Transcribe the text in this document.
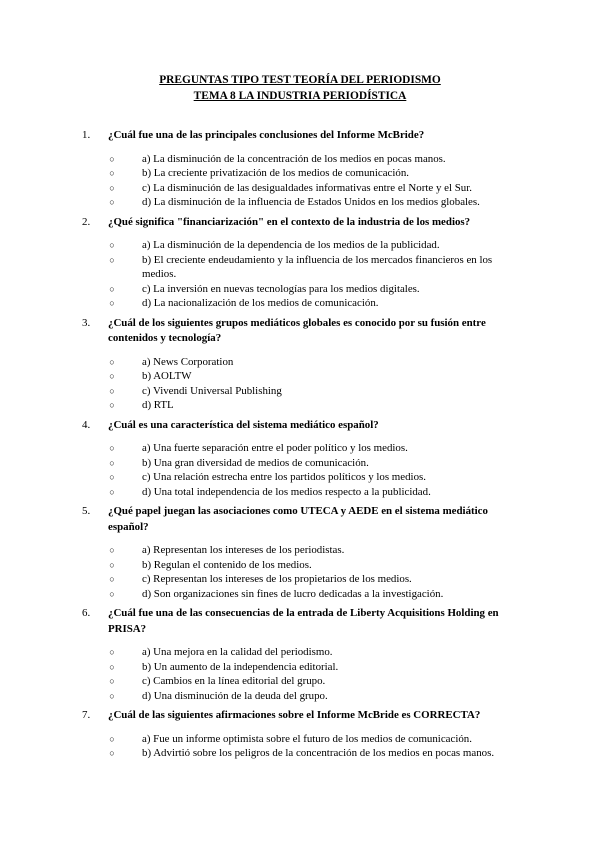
PREGUNTAS TIPO TEST TEORÍA DEL PERIODISMO
TEMA 8 LA INDUSTRIA PERIODÍSTICA
1.	¿Cuál fue una de las principales conclusiones del Informe McBride?
○	a) La disminución de la concentración de los medios en pocas manos.
○	b) La creciente privatización de los medios de comunicación.
○	c) La disminución de las desigualdades informativas entre el Norte y el Sur.
○	d) La disminución de la influencia de Estados Unidos en los medios globales.
2.	¿Qué significa "financiarización" en el contexto de la industria de los medios?
○	a) La disminución de la dependencia de los medios de la publicidad.
○	b) El creciente endeudamiento y la influencia de los mercados financieros en los medios.
○	c) La inversión en nuevas tecnologías para los medios digitales.
○	d) La nacionalización de los medios de comunicación.
3.	¿Cuál de los siguientes grupos mediáticos globales es conocido por su fusión entre contenidos y tecnología?
○	a) News Corporation
○	b) AOLTW
○	c) Vivendi Universal Publishing
○	d) RTL
4.	¿Cuál es una característica del sistema mediático español?
○	a) Una fuerte separación entre el poder político y los medios.
○	b) Una gran diversidad de medios de comunicación.
○	c) Una relación estrecha entre los partidos políticos y los medios.
○	d) Una total independencia de los medios respecto a la publicidad.
5.	¿Qué papel juegan las asociaciones como UTECA y AEDE en el sistema mediático español?
○	a) Representan los intereses de los periodistas.
○	b) Regulan el contenido de los medios.
○	c) Representan los intereses de los propietarios de los medios.
○	d) Son organizaciones sin fines de lucro dedicadas a la investigación.
6.	¿Cuál fue una de las consecuencias de la entrada de Liberty Acquisitions Holding en PRISA?
○	a) Una mejora en la calidad del periodismo.
○	b) Un aumento de la independencia editorial.
○	c) Cambios en la línea editorial del grupo.
○	d) Una disminución de la deuda del grupo.
7.	¿Cuál de las siguientes afirmaciones sobre el Informe McBride es CORRECTA?
○	a) Fue un informe optimista sobre el futuro de los medios de comunicación.
○	b) Advirtió sobre los peligros de la concentración de los medios en pocas manos.
